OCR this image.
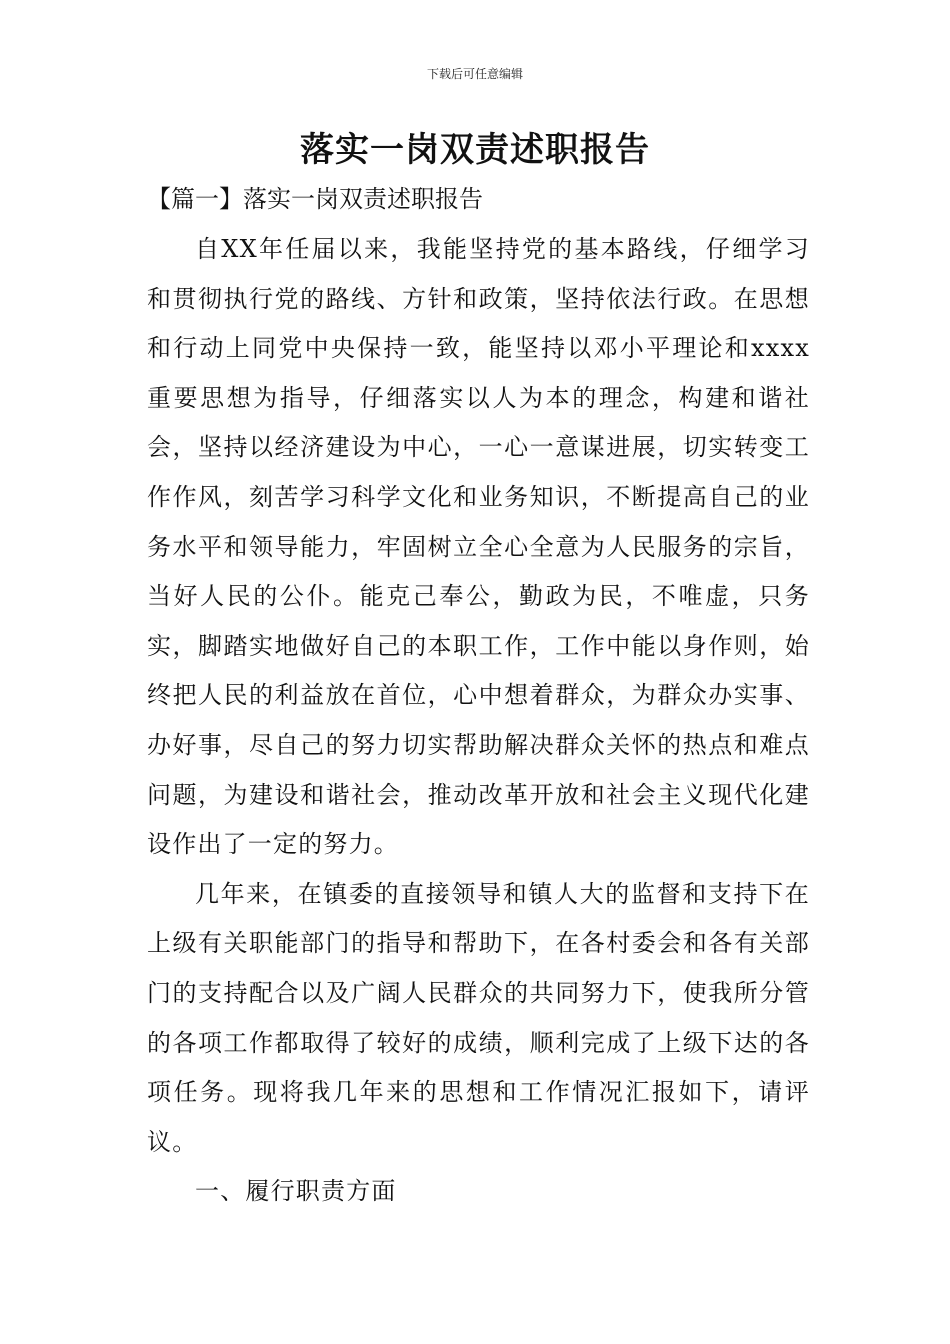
下载后可任意编辑
落实一岗双责述职报告
【篇一】落实一岗双责述职报告

自XX年任届以来，我能坚持党的基本路线，仔细学习和贯彻执行党的路线、方针和政策，坚持依法行政。在思想和行动上同党中央保持一致，能坚持以邓小平理论和xxxx重要思想为指导，仔细落实以人为本的理念，构建和谐社会，坚持以经济建设为中心，一心一意谋进展，切实转变工作作风，刻苦学习科学文化和业务知识，不断提高自己的业务水平和领导能力，牢固树立全心全意为人民服务的宗旨，当好人民的公仆。能克己奉公，勤政为民，不唯虚，只务实，脚踏实地做好自己的本职工作，工作中能以身作则，始终把人民的利益放在首位，心中想着群众，为群众办实事、办好事，尽自己的努力切实帮助解决群众关怀的热点和难点问题，为建设和谐社会，推动改革开放和社会主义现代化建设作出了一定的努力。

几年来，在镇委的直接领导和镇人大的监督和支持下在上级有关职能部门的指导和帮助下，在各村委会和各有关部门的支持配合以及广阔人民群众的共同努力下，使我所分管的各项工作都取得了较好的成绩，顺利完成了上级下达的各项任务。现将我几年来的思想和工作情况汇报如下，请评议。

一、履行职责方面
